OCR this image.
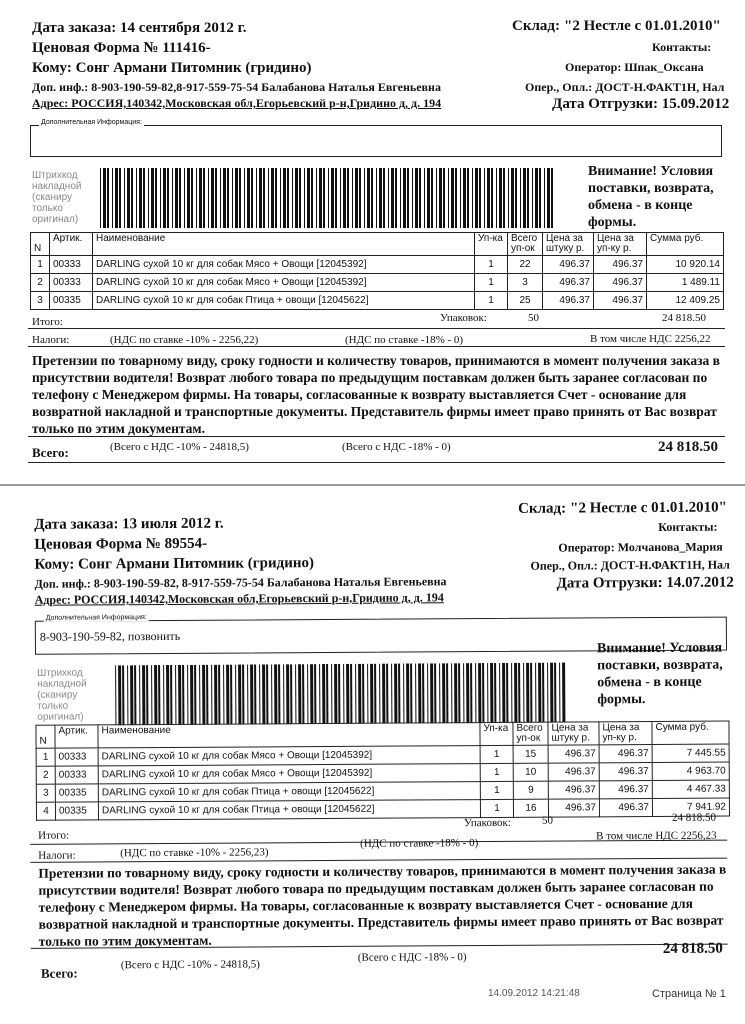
Дата заказа: 14 сентября 2012 г.
Ценовая Форма № 111416-
Кому: Сонг Армани Питомник (гридино)
Доп. инф.: 8-903-190-59-82,8-917-559-75-54 Балабанова Наталья Евгеньевна
Адрес: РОССИЯ,140342,Московская обл,Егорьевский р-н,Гридино д, д. 194
Склад: "2 Нестле с 01.01.2010"
Контакты:
Оператор: Шпак_Оксана
Опер., Опл.: ДОСТ-Н.ФАКТ1Н, Нал
Дата Отгрузки: 15.09.2012
Дополнительная Информация:
Штрихкод
накладной
(сканиру
только
оригинал)
Внимание! Условия
поставки, возврата,
обмена - в конце
формы.
N	Артик.	Наименование	Уп-ка	Всего уп-ок	Цена за штуку р.	Цена за уп-ку р.	Сумма руб.
1	00333	DARLING сухой 10 кг для собак Мясо + Овощи [12045392]	1	22	496.37	496.37	10 920.14
2	00333	DARLING сухой 10 кг для собак Мясо + Овощи [12045392]	1	3	496.37	496.37	1 489.11
3	00335	DARLING сухой 10 кг для собак Птица + овощи [12045622]	1	25	496.37	496.37	12 409.25
Итого:	Упаковок:	50	24 818.50
Налоги:	(НДС по ставке -10% - 2256,22)	(НДС по ставке -18% - 0)	В том числе НДС 2256,22
Претензии по товарному виду, сроку годности и количеству товаров, принимаются в момент получения заказа в присутствии водителя! Возврат любого товара по предыдущим поставкам должен быть заранее согласован по телефону с Менеджером фирмы. На товары, согласованные к возврату выставляется Счет - основание для возвратной накладной и транспортные документы. Представитель фирмы имеет право принять от Вас возврат только по этим документам.
Всего:	(Всего с НДС -10% - 24818,5)	(Всего с НДС -18% - 0)	24 818.50
Дата заказа: 13 июля 2012 г.
Ценовая Форма № 89554-
Кому: Сонг Армани Питомник (гридино)
Доп. инф.: 8-903-190-59-82, 8-917-559-75-54 Балабанова Наталья Евгеньевна
Адрес: РОССИЯ,140342,Московская обл,Егорьевский р-н,Гридино д, д. 194
Склад: "2 Нестле с 01.01.2010"
Контакты:
Оператор: Молчанова_Мария
Опер., Опл.: ДОСТ-Н.ФАКТ1Н, Нал
Дата Отгрузки: 14.07.2012
Дополнительная Информация:
8-903-190-59-82, позвонить
Штрихкод
накладной
(сканиру
только
оригинал)
Внимание! Условия
поставки, возврата,
обмена - в конце
формы.
N	Артик.	Наименование	Уп-ка	Всего уп-ок	Цена за штуку р.	Цена за уп-ку р.	Сумма руб.
1	00333	DARLING сухой 10 кг для собак Мясо + Овощи [12045392]	1	15	496.37	496.37	7 445.55
2	00333	DARLING сухой 10 кг для собак Мясо + Овощи [12045392]	1	10	496.37	496.37	4 963.70
3	00335	DARLING сухой 10 кг для собак Птица + овощи [12045622]	1	9	496.37	496.37	4 467.33
4	00335	DARLING сухой 10 кг для собак Птица + овощи [12045622]	1	16	496.37	496.37	7 941.92
Итого:
Упаковок:	50	24 818.50
Налоги:	(НДС по ставке -10% - 2256,23)
(НДС по ставке -18% - 0)
В том числе НДС 2256,23
Претензии по товарному виду, сроку годности и количеству товаров, принимаются в момент получения заказа в присутствии водителя! Возврат любого товара по предыдущим поставкам должен быть заранее согласован по телефону с Менеджером фирмы. На товары, согласованные к возврату выставляется Счет - основание для возвратной накладной и транспортные документы. Представитель фирмы имеет право принять от Вас возврат только по этим документам.
Всего:
(Всего с НДС -10% - 24818,5)
(Всего с НДС -18% - 0)
24 818.50
14.09.2012 14:21:48	Страница № 1
